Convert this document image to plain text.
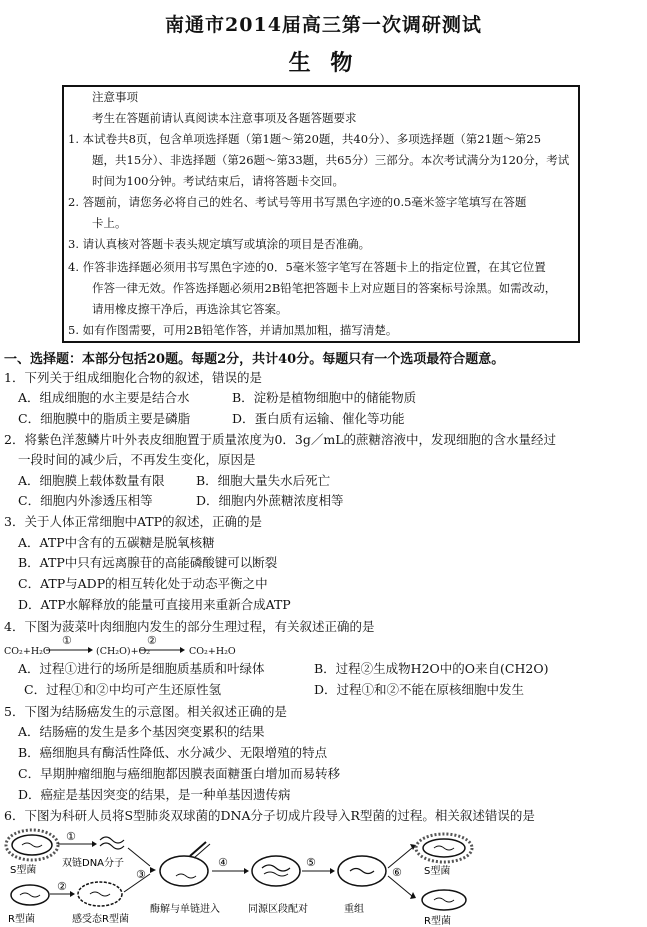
南通市2014届高三第一次调研测试
生 物
注意事项
考生在答题前请认真阅读本注意事项及各题答题要求
1. 本试卷共8页，包含单项选择题（第1题～第20题，共40分）、多项选择题（第21题～第25
题，共15分）、非选择题（第26题～第33题，共65分）三部分。本次考试满分为120分，考试
时间为100分钟。考试结束后，请将答题卡交回。
2. 答题前，请您务必将自己的姓名、考试号等用书写黑色字迹的0.5毫米签字笔填写在答题
卡上。
3. 请认真核对答题卡表头规定填写或填涂的项目是否准确。
4. 作答非选择题必须用书写黑色字迹的0．5毫米签字笔写在答题卡上的指定位置，在其它位置
作答一律无效。作答选择题必须用2B铅笔把答题卡上对应题目的答案标号涂黑。如需改动，
请用橡皮擦干净后，再选涂其它答案。
5. 如有作图需要，可用2B铅笔作答，并请加黑加粗，描写清楚。
一、选择题：本部分包括20题。每题2分，共计40分。每题只有一个选项最符合题意。
1．下列关于组成细胞化合物的叙述，错误的是
A．组成细胞的水主要是结合水	B．淀粉是植物细胞中的储能物质
C．细胞膜中的脂质主要是磷脂	D．蛋白质有运输、催化等功能
2．将紫色洋葱鳞片叶外表皮细胞置于质量浓度为0．3g／mL的蔗糖溶液中，发现细胞的含水量经过
一段时间的减少后，不再发生变化，原因是
A．细胞膜上载体数量有限	B．细胞大量失水后死亡
C．细胞内外渗透压相等	D．细胞内外蔗糖浓度相等
3．关于人体正常细胞中ATP的叙述，正确的是
A．ATP中含有的五碳糖是脱氧核糖
B．ATP中只有远离腺苷的高能磷酸键可以断裂
C．ATP与ADP的相互转化处于动态平衡之中
D．ATP水解释放的能量可直接用来重新合成ATP
4．下图为菠菜叶肉细胞内发生的部分生理过程，有关叙述正确的是
CO₂+H₂O
①
(CH₂O)+O₂
②
CO₂+H₂O
A．过程①进行的场所是细胞质基质和叶绿体	B．过程②生成物H2O中的O来自(CH2O)
C．过程①和②中均可产生还原性氢	D．过程①和②不能在原核细胞中发生
5．下图为结肠癌发生的示意图。相关叙述正确的是
A．结肠癌的发生是多个基因突变累积的结果
B．癌细胞具有酶活性降低、水分减少、无限增殖的特点
C．早期肿瘤细胞与癌细胞都因膜表面糖蛋白增加而易转移
D．癌症是基因突变的结果，是一种单基因遗传病
6．下图为科研人员将S型肺炎双球菌的DNA分子切成片段导入R型菌的过程。相关叙述错误的是
S型菌
①
双链DNA分子
R型菌
②
感受态R型菌
③
酶解与单链进入
④
同源区段配对
⑤
重组
⑥ S型菌
R型菌
